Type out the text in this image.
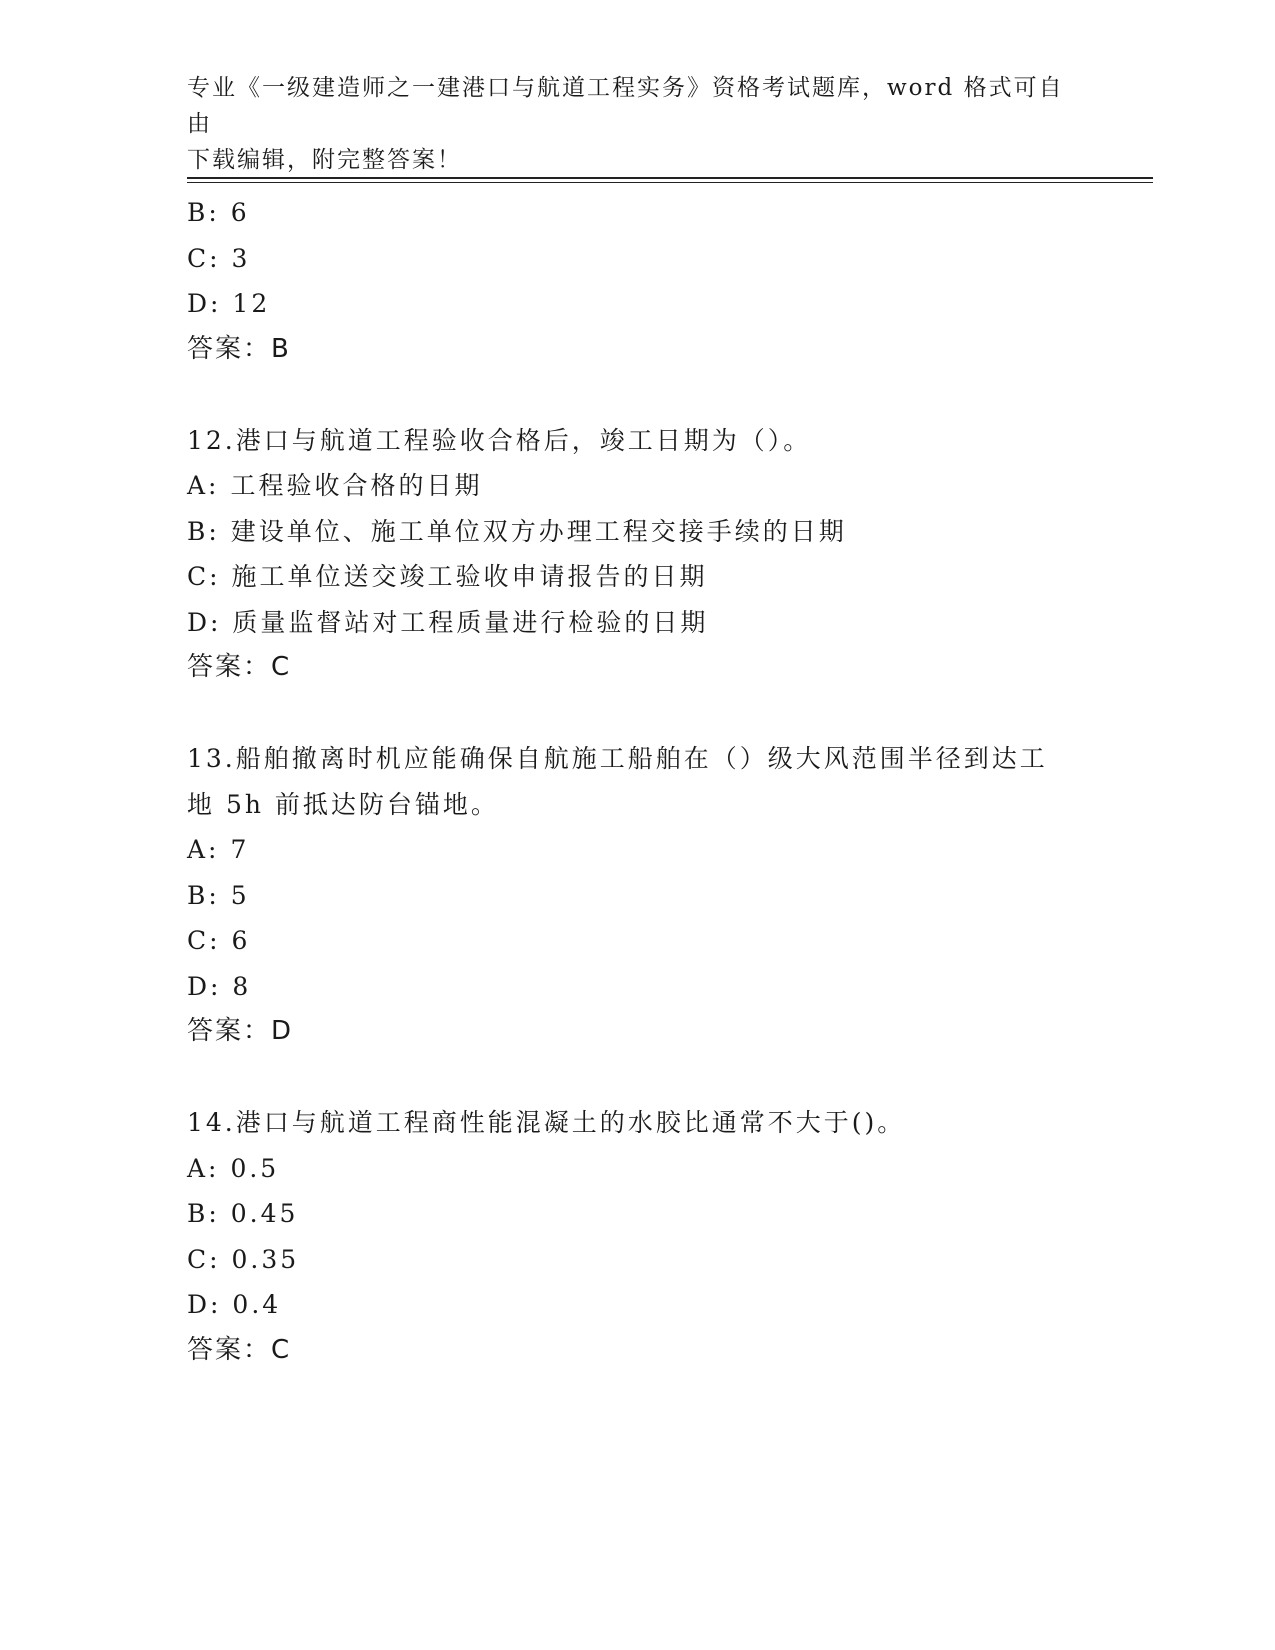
专业《一级建造师之一建港口与航道工程实务》资格考试题库，word 格式可自由
下载编辑，附完整答案！
B: 6
C: 3
D: 12
答案：B
12.港口与航道工程验收合格后，竣工日期为（）。
A: 工程验收合格的日期
B: 建设单位、施工单位双方办理工程交接手续的日期
C: 施工单位送交竣工验收申请报告的日期
D: 质量监督站对工程质量进行检验的日期
答案：C
13.船舶撤离时机应能确保自航施工船舶在（）级大风范围半径到达工
地 5h 前抵达防台锚地。
A: 7
B: 5
C: 6
D: 8
答案：D
14.港口与航道工程商性能混凝土的水胶比通常不大于()。
A: 0.5
B: 0.45
C: 0.35
D: 0.4
答案：C
